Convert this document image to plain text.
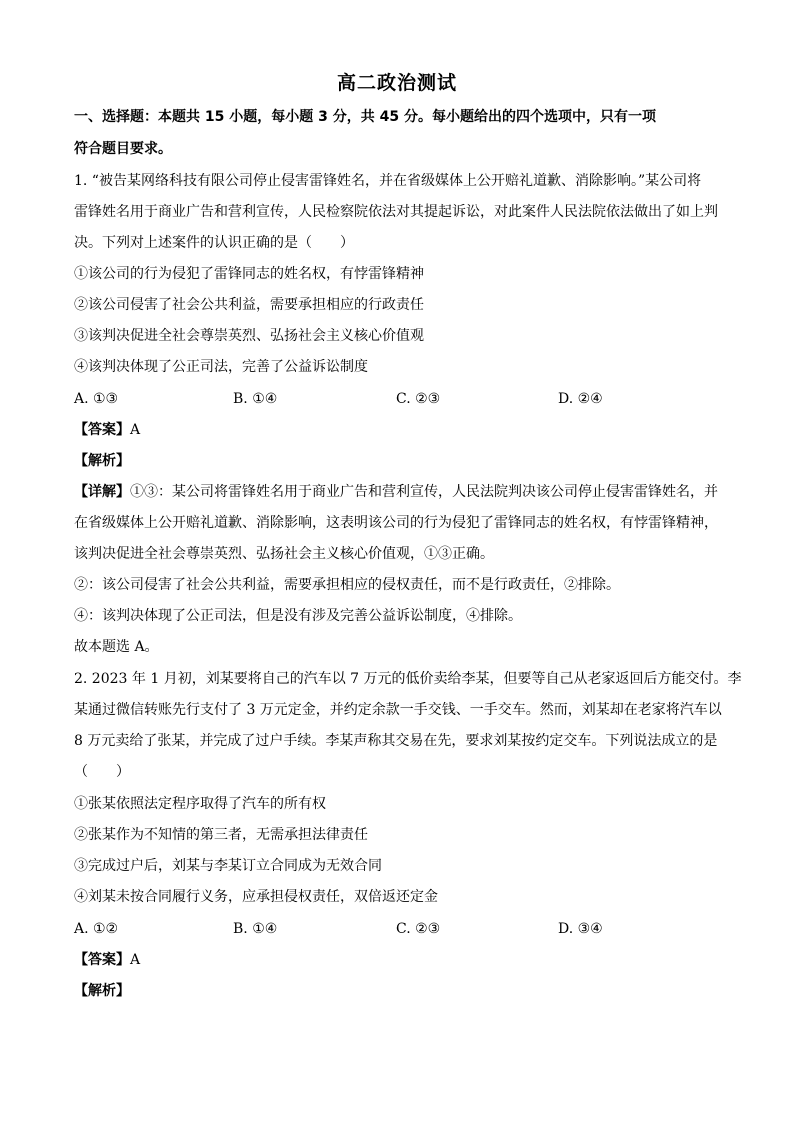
高二政治测试
一、选择题：本题共 15 小题，每小题 3 分，共 45 分。每小题给出的四个选项中，只有一项
符合题目要求。
1. “被告某网络科技有限公司停止侵害雷锋姓名，并在省级媒体上公开赔礼道歉、消除影响。”某公司将
雷锋姓名用于商业广告和营利宣传，人民检察院依法对其提起诉讼，对此案件人民法院依法做出了如上判
决。下列对上述案件的认识正确的是（　　）
①该公司的行为侵犯了雷锋同志的姓名权，有悖雷锋精神
②该公司侵害了社会公共利益，需要承担相应的行政责任
③该判决促进全社会尊崇英烈、弘扬社会主义核心价值观
④该判决体现了公正司法，完善了公益诉讼制度
A. ①③	B. ①④	C. ②③	D. ②④
【答案】A
【解析】
【详解】①③：某公司将雷锋姓名用于商业广告和营利宣传，人民法院判决该公司停止侵害雷锋姓名，并
在省级媒体上公开赔礼道歉、消除影响，这表明该公司的行为侵犯了雷锋同志的姓名权，有悖雷锋精神，
该判决促进全社会尊崇英烈、弘扬社会主义核心价值观，①③正确。
②：该公司侵害了社会公共利益，需要承担相应的侵权责任，而不是行政责任，②排除。
④：该判决体现了公正司法，但是没有涉及完善公益诉讼制度，④排除。
故本题选 A。
2. 2023 年 1 月初，刘某要将自己的汽车以 7 万元的低价卖给李某，但要等自己从老家返回后方能交付。李
某通过微信转账先行支付了 3 万元定金，并约定余款一手交钱、一手交车。然而，刘某却在老家将汽车以
8 万元卖给了张某，并完成了过户手续。李某声称其交易在先，要求刘某按约定交车。下列说法成立的是
（　　）
①张某依照法定程序取得了汽车的所有权
②张某作为不知情的第三者，无需承担法律责任
③完成过户后，刘某与李某订立合同成为无效合同
④刘某未按合同履行义务，应承担侵权责任，双倍返还定金
A. ①②	B. ①④	C. ②③	D. ③④
【答案】A
【解析】
